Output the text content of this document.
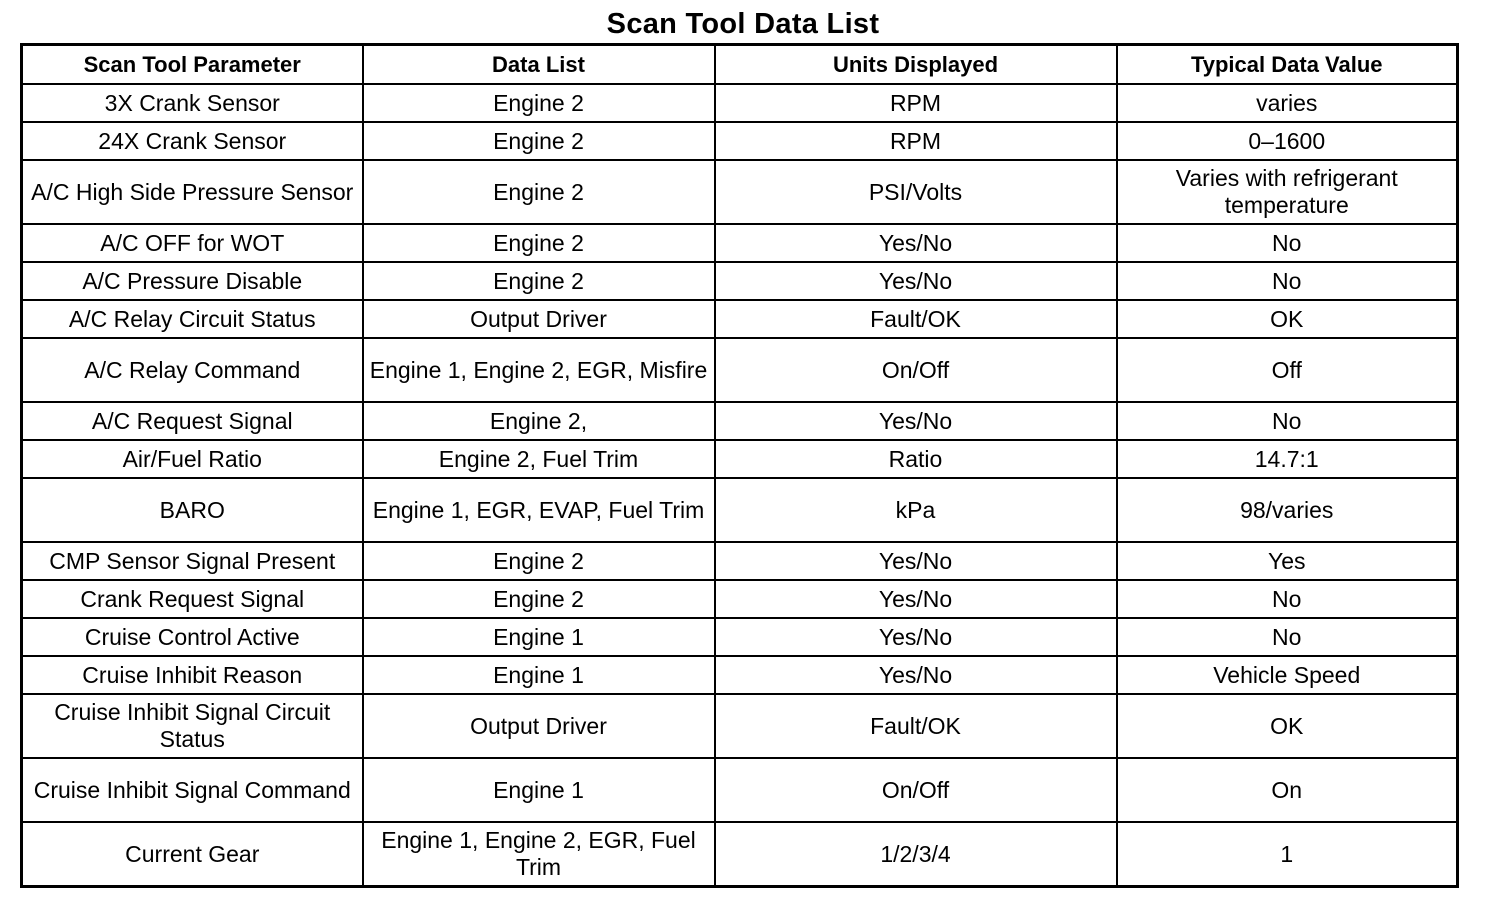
Scan Tool Data List
Scan Tool Parameter	Data List	Units Displayed	Typical Data Value
3X Crank Sensor	Engine 2	RPM	varies
24X Crank Sensor	Engine 2	RPM	0–1600
A/C High Side Pressure Sensor	Engine 2	PSI/Volts	Varies with refrigerant temperature
A/C OFF for WOT	Engine 2	Yes/No	No
A/C Pressure Disable	Engine 2	Yes/No	No
A/C Relay Circuit Status	Output Driver	Fault/OK	OK
A/C Relay Command	Engine 1, Engine 2, EGR, Misfire	On/Off	Off
A/C Request Signal	Engine 2,	Yes/No	No
Air/Fuel Ratio	Engine 2, Fuel Trim	Ratio	14.7:1
BARO	Engine 1, EGR, EVAP, Fuel Trim	kPa	98/varies
CMP Sensor Signal Present	Engine 2	Yes/No	Yes
Crank Request Signal	Engine 2	Yes/No	No
Cruise Control Active	Engine 1	Yes/No	No
Cruise Inhibit Reason	Engine 1	Yes/No	Vehicle Speed
Cruise Inhibit Signal Circuit Status	Output Driver	Fault/OK	OK
Cruise Inhibit Signal Command	Engine 1	On/Off	On
Current Gear	Engine 1, Engine 2, EGR, Fuel Trim	1/2/3/4	1
